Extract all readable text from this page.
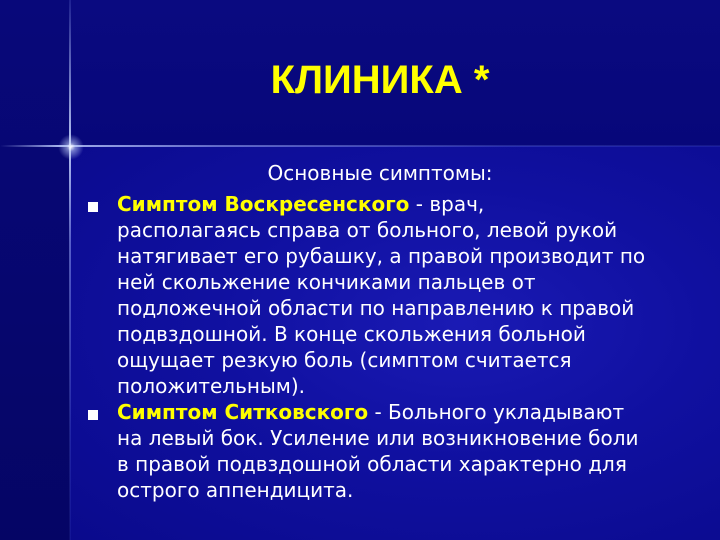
КЛИНИКА *
Основные симптомы:
Симптом Воскресенского - врач,
располагаясь справа от больного, левой рукой
натягивает его рубашку, а правой производит по
ней скольжение кончиками пальцев от
подложечной области по направлению к правой
подвздошной. В конце скольжения больной
ощущает резкую боль (симптом считается
положительным).
Симптом Ситковского - Больного укладывают
на левый бок. Усиление или возникновение боли
в правой подвздошной области характерно для
острого аппендицита.
